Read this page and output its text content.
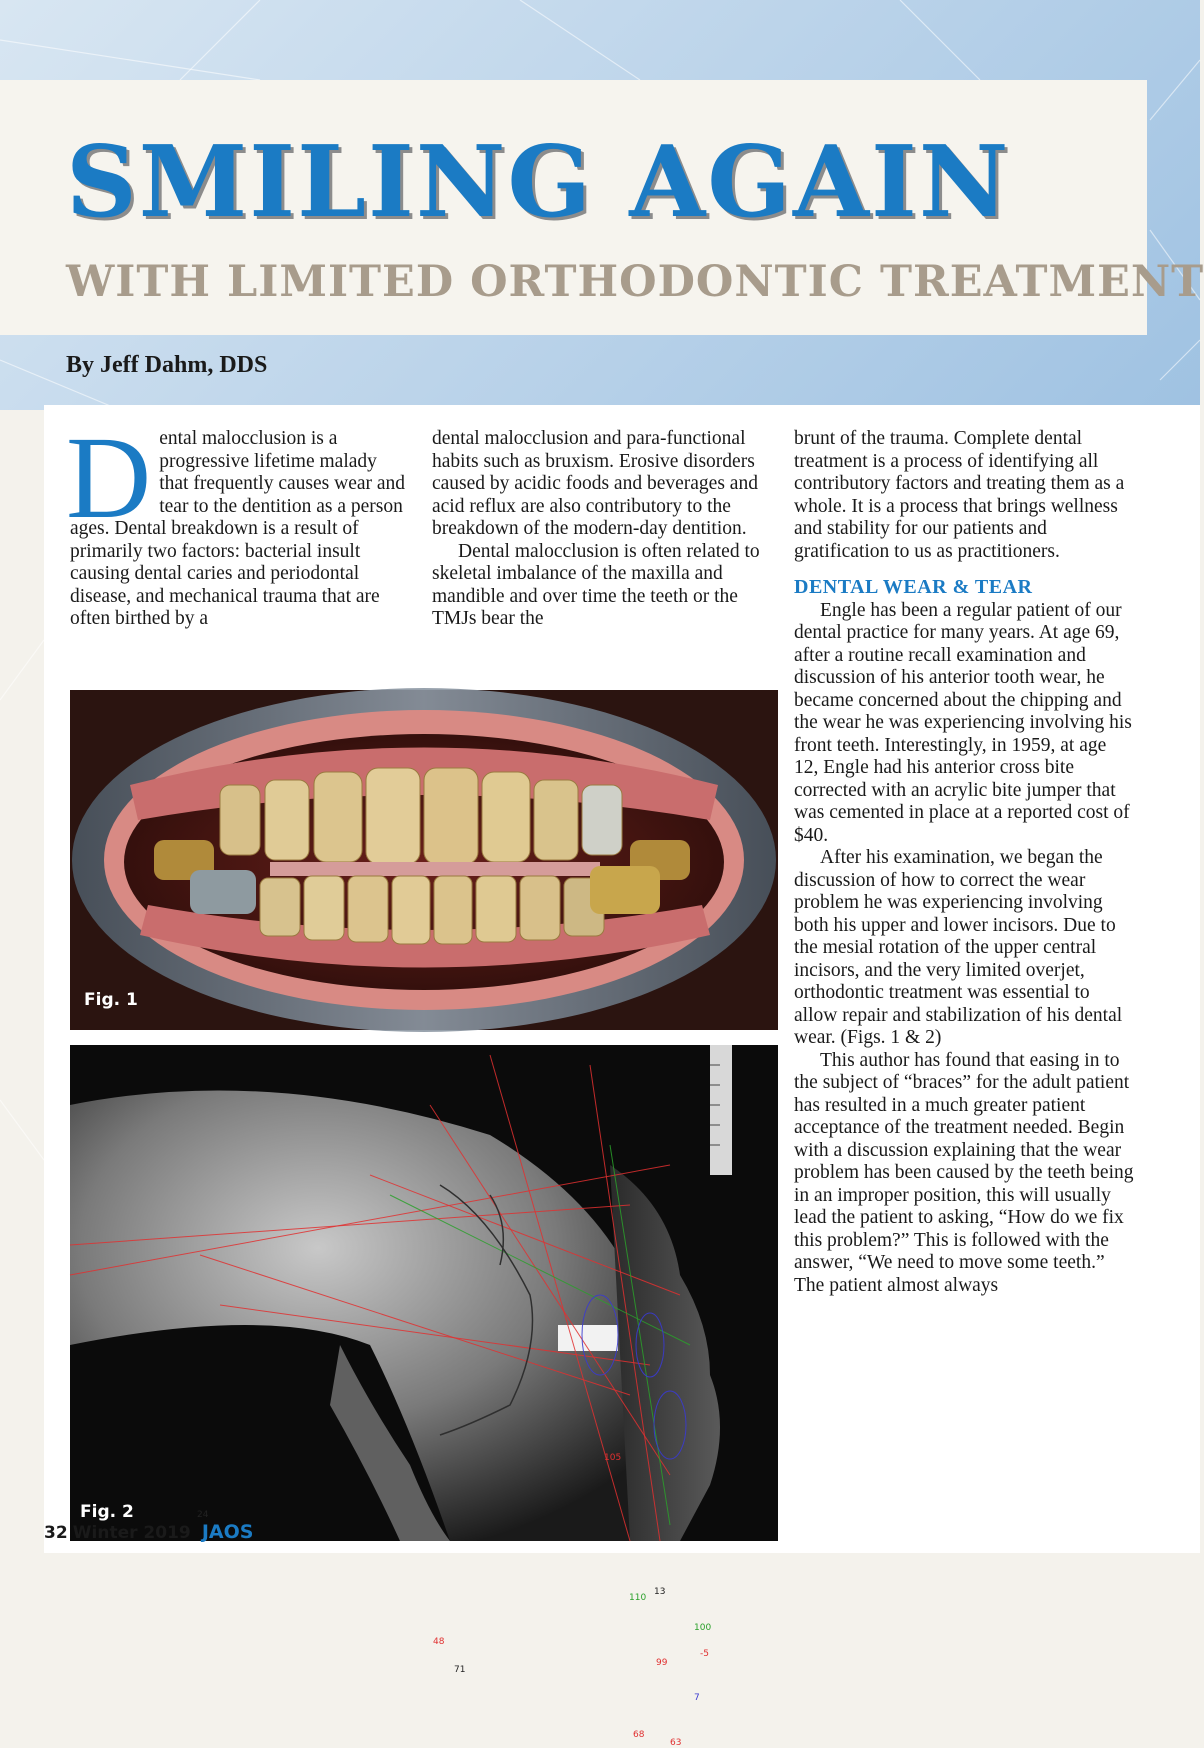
SMILING AGAIN
WITH LIMITED ORTHODONTIC TREATMENT

By Jeff Dahm, DDS

D ental malocclusion is a progressive lifetime malady that frequently causes wear and tear to the dentition as a person ages. Dental breakdown is a result of primarily two factors: bacterial insult causing dental caries and periodontal disease, and mechanical trauma that are often birthed by a

dental malocclusion and para-functional habits such as bruxism. Erosive disorders caused by acidic foods and beverages and acid reflux are also contributory to the breakdown of the modern-day dentition.

Dental malocclusion is often related to skeletal imbalance of the maxilla and mandible and over time the teeth or the TMJs bear the

brunt of the trauma. Complete dental treatment is a process of identifying all contributory factors and treating them as a whole. It is a process that brings wellness and stability for our patients and gratification to us as practitioners.

DENTAL WEAR & TEAR

Engle has been a regular patient of our dental practice for many years. At age 69, after a routine recall examination and discussion of his anterior tooth wear, he became concerned about the chipping and the wear he was experiencing involving his front teeth. Interestingly, in 1959, at age 12, Engle had his anterior cross bite corrected with an acrylic bite jumper that was cemented in place at a reported cost of $40.

After his examination, we began the discussion of how to correct the wear problem he was experiencing involving both his upper and lower incisors. Due to the mesial rotation of the upper central incisors, and the very limited overjet, orthodontic treatment was essential to allow repair and stabilization of his dental wear. (Figs. 1 & 2)

This author has found that easing in to the subject of “braces” for the adult patient has resulted in a much greater patient acceptance of the treatment needed. Begin with a discussion explaining that the wear problem has been caused by the teeth being in an improper position, this will usually lead the patient to asking, “How do we fix this problem?” This is followed with the answer, “We need to move some teeth.” The patient almost always

Fig. 1
Fig. 2	24
105
48
71
110
13
100
-5
99
7
68
63

32 Winter 2019 JAOS
